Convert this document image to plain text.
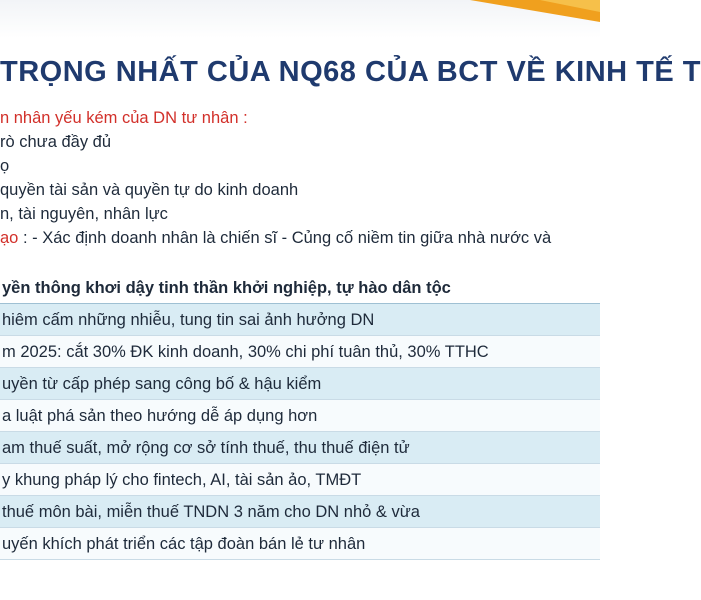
TRỌNG NHẤT CỦA NQ68 CỦA BCT VỀ KINH TẾ T
n nhân yếu kém của DN tư nhân :
rò chưa đầy đủ
ọ
quyền tài sản và quyền tự do kinh doanh
n, tài nguyên, nhân lực
ạo : - Xác định doanh nhân là chiến sĩ - Củng cố niềm tin giữa nhà nước và
yền thông khơi dậy tinh thần khởi nghiệp, tự hào dân tộc
hiêm cấm những nhiễu, tung tin sai ảnh hưởng DN
m 2025: cắt 30% ĐK kinh doanh, 30% chi phí tuân thủ, 30% TTHC
uyền từ cấp phép sang công bố & hậu kiểm
a luật phá sản theo hướng dễ áp dụng hơn
am thuế suất, mở rộng cơ sở tính thuế, thu thuế điện tử
y khung pháp lý cho fintech, AI, tài sản ảo, TMĐT
thuế môn bài, miễn thuế TNDN 3 năm cho DN nhỏ & vừa
uyến khích phát triển các tập đoàn bán lẻ tư nhân
